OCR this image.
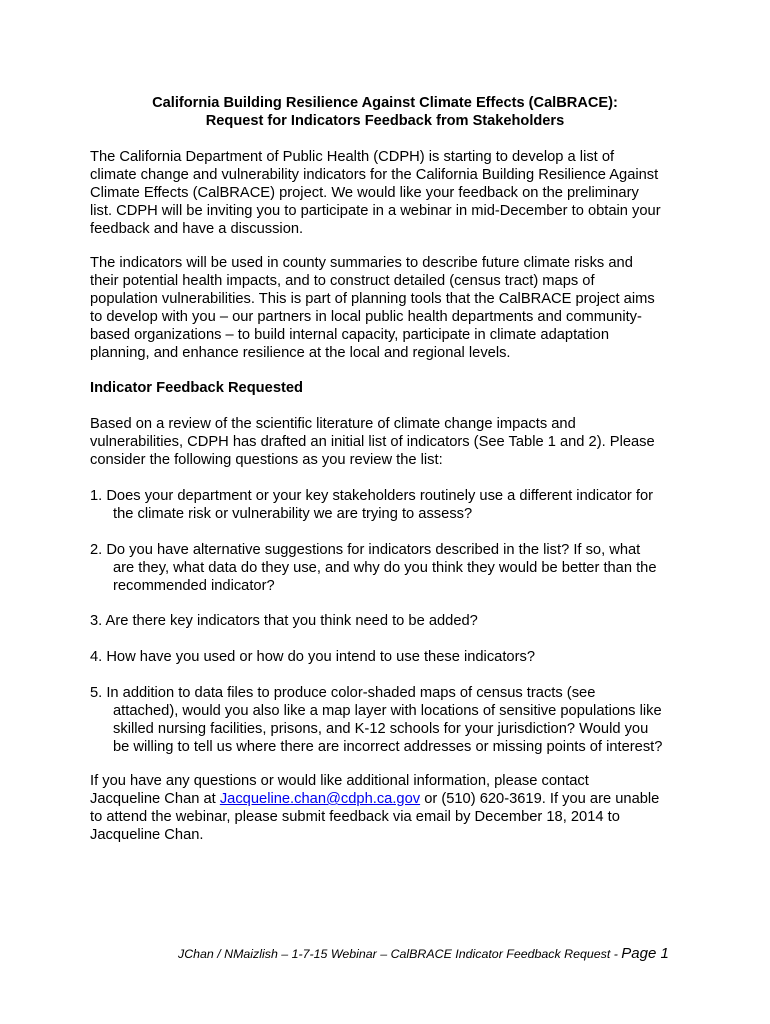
California Building Resilience Against Climate Effects (CalBRACE):
Request for Indicators Feedback from Stakeholders
The California Department of Public Health (CDPH) is starting to develop a list of
climate change and vulnerability indicators for the California Building Resilience Against
Climate Effects (CalBRACE) project. We would like your feedback on the preliminary
list. CDPH will be inviting you to participate in a webinar in mid-December to obtain your
feedback and have a discussion.
The indicators will be used in county summaries to describe future climate risks and
their potential health impacts, and to construct detailed (census tract) maps of
population vulnerabilities. This is part of planning tools that the CalBRACE project aims
to develop with you – our partners in local public health departments and community-
based organizations – to build internal capacity, participate in climate adaptation
planning, and enhance resilience at the local and regional levels.
Indicator Feedback Requested
Based on a review of the scientific literature of climate change impacts and
vulnerabilities, CDPH has drafted an initial list of indicators (See Table 1 and 2). Please
consider the following questions as you review the list:
1. Does your department or your key stakeholders routinely use a different indicator for
the climate risk or vulnerability we are trying to assess?
2. Do you have alternative suggestions for indicators described in the list? If so, what
are they, what data do they use, and why do you think they would be better than the
recommended indicator?
3. Are there key indicators that you think need to be added?
4. How have you used or how do you intend to use these indicators?
5. In addition to data files to produce color-shaded maps of census tracts (see
attached), would you also like a map layer with locations of sensitive populations like
skilled nursing facilities, prisons, and K-12 schools for your jurisdiction? Would you
be willing to tell us where there are incorrect addresses or missing points of interest?
If you have any questions or would like additional information, please contact
Jacqueline Chan at Jacqueline.chan@cdph.ca.gov or (510) 620-3619. If you are unable
to attend the webinar, please submit feedback via email by December 18, 2014 to
Jacqueline Chan.
JChan / NMaizlish – 1-7-15 Webinar – CalBRACE Indicator Feedback Request - Page 1
